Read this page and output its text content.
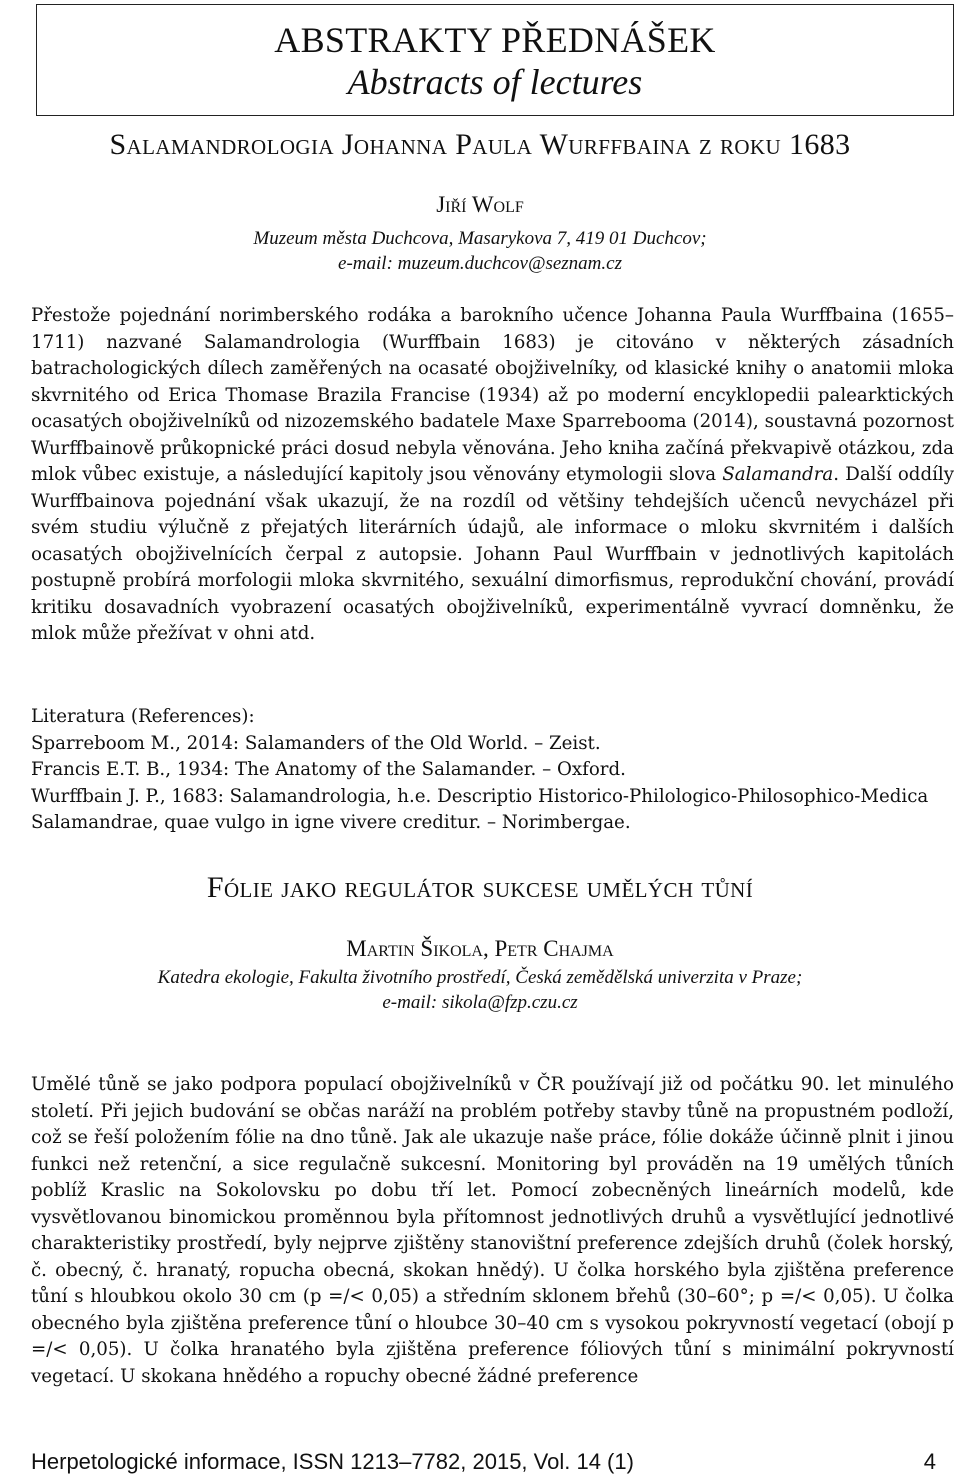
ABSTRAKTY PŘEDNÁŠEK
Abstracts of lectures
Salamandrologia Johanna Paula Wurffbaina z roku 1683
Jiří Wolf
Muzeum města Duchcova, Masarykova 7, 419 01 Duchcov;
e-mail: muzeum.duchcov@seznam.cz

Přestože pojednání norimberského rodáka a barokního učence Johanna Paula Wurffbaina (1655–1711) nazvané Salamandrologia (Wurffbain 1683) je citováno v některých zásadních batrachologických dílech zaměřených na ocasaté obojživelníky, od klasické knihy o anatomii mloka skvrnitého od Erica Thomase Brazila Francise (1934) až po moderní encyklopedii palearktických ocasatých obojživelníků od nizozemského badatele Maxe Sparrebooma (2014), soustavná pozornost Wurffbainově průkopnické práci dosud nebyla věnována. Jeho kniha začíná překvapivě otázkou, zda mlok vůbec existuje, a následující kapitoly jsou věnovány etymologii slova Salamandra. Další oddíly Wurffbainova pojednání však ukazují, že na rozdíl od většiny tehdejších učenců nevycházel při svém studiu výlučně z přejatých literárních údajů, ale informace o mloku skvrnitém i dalších ocasatých obojživelnících čerpal z autopsie. Johann Paul Wurffbain v jednotlivých kapitolách postupně probírá morfologii mloka skvrnitého, sexuální dimorfismus, reprodukční chování, provádí kritiku dosavadních vyobrazení ocasatých obojživelníků, experimentálně vyvrací domněnku, že mlok může přežívat v ohni atd.

Literatura (References):
Sparreboom M., 2014: Salamanders of the Old World. – Zeist.
Francis E.T. B., 1934: The Anatomy of the Salamander. – Oxford.
Wurffbain J. P., 1683: Salamandrologia, h.e. Descriptio Historico-Philologico-Philosophico-Medica Salamandrae, quae vulgo in igne vivere creditur. – Norimbergae.
Fólie jako regulátor sukcese umělých tůní
Martin Šikola, Petr Chajma
Katedra ekologie, Fakulta životního prostředí, Česká zemědělská univerzita v Praze;
e-mail: sikola@fzp.czu.cz

Umělé tůně se jako podpora populací obojživelníků v ČR používají již od počátku 90. let minulého století. Při jejich budování se občas naráží na problém potřeby stavby tůně na propustném podloží, což se řeší položením fólie na dno tůně. Jak ale ukazuje naše práce, fólie dokáže účinně plnit i jinou funkci než retenční, a sice regulačně sukcesní. Monitoring byl prováděn na 19 umělých tůních poblíž Kraslic na Sokolovsku po dobu tří let. Pomocí zobecněných lineárních modelů, kde vysvětlovanou binomickou proměnnou byla přítomnost jednotlivých druhů a vysvětlující jednotlivé charakteristiky prostředí, byly nejprve zjištěny stanovištní preference zdejších druhů (čolek horský, č. obecný, č. hranatý, ropucha obecná, skokan hnědý). U čolka horského byla zjištěna preference tůní s hloubkou okolo 30 cm (p =/< 0,05) a středním sklonem břehů (30–60°; p =/< 0,05). U čolka obecného byla zjištěna preference tůní o hloubce 30–40 cm s vysokou pokryvností vegetací (obojí p =/< 0,05). U čolka hranatého byla zjištěna preference fóliových tůní s minimální pokryvností vegetací. U skokana hnědého a ropuchy obecné žádné preference

Herpetologické informace, ISSN 1213–7782, 2015, Vol. 14 (1)	4
